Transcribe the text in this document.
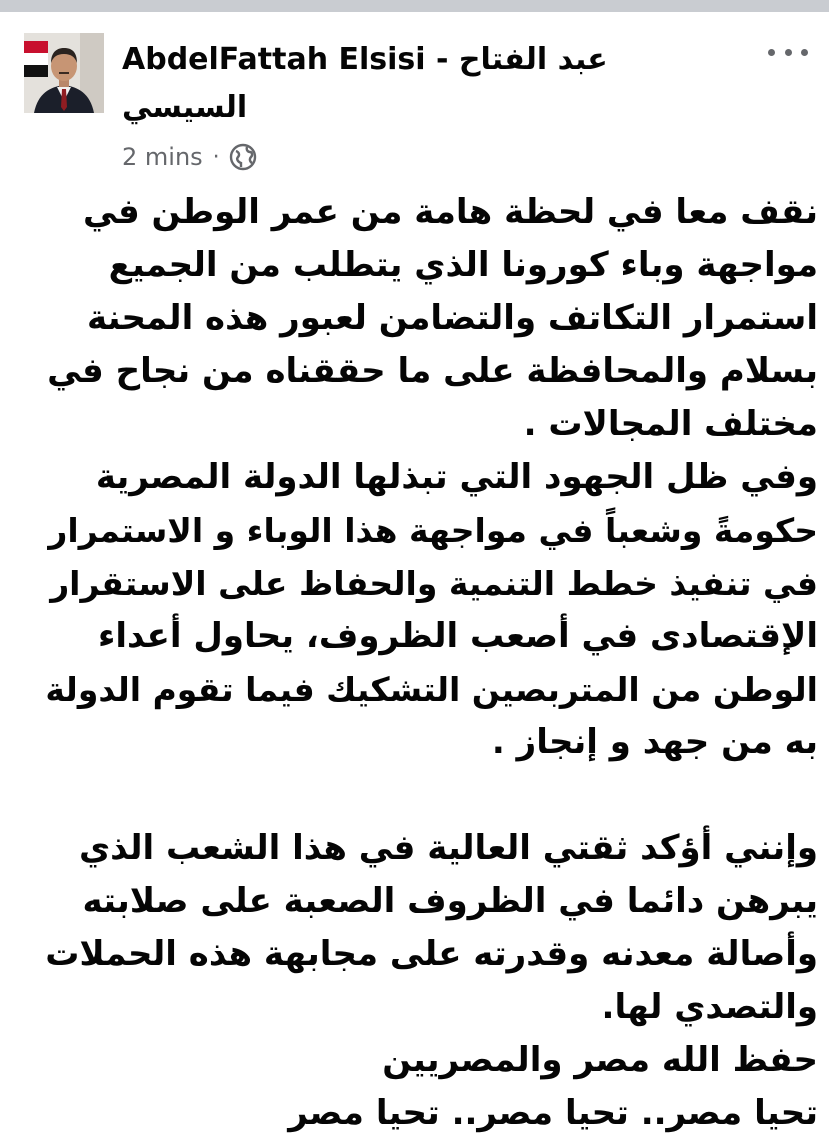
AbdelFattah Elsisi - عبد الفتاح السيسي
2 mins ·
نقف معا في لحظة هامة من عمر الوطن في
مواجهة وباء كورونا الذي يتطلب من الجميع
استمرار التكاتف والتضامن لعبور هذه المحنة
بسلام والمحافظة على ما حققناه من نجاح في
مختلف المجالات .
وفي ظل الجهود التي تبذلها الدولة المصرية
حكومةً وشعباً في مواجهة هذا الوباء و الاستمرار
في تنفيذ خطط التنمية والحفاظ على الاستقرار
الإقتصادى في أصعب الظروف، يحاول أعداء
الوطن من المتربصين التشكيك فيما تقوم الدولة
به من جهد و إنجاز .
وإنني أؤكد ثقتي العالية في هذا الشعب الذي
يبرهن دائما في الظروف الصعبة على صلابته
وأصالة معدنه وقدرته على مجابهة هذه الحملات
والتصدي لها.
حفظ الله مصر والمصريين
تحيا مصر.. تحيا مصر.. تحيا مصر
